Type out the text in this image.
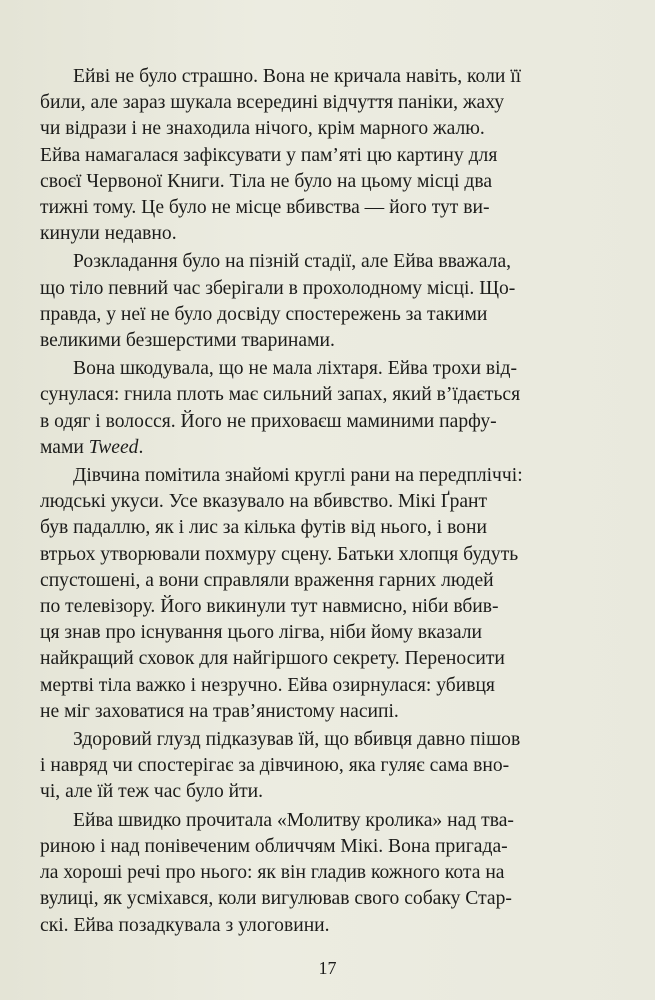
Ейві не було страшно. Вона не кричала навіть, коли її
били, але зараз шукала всередині відчуття паніки, жаху
чи відрази і не знаходила нічого, крім марного жалю.
Ейва намагалася зафіксувати у пам’яті цю картину для
своєї Червоної Книги. Тіла не було на цьому місці два
тижні тому. Це було не місце вбивства — його тут ви-
кинули недавно.
Розкладання було на пізній стадії, але Ейва вважала,
що тіло певний час зберігали в прохолодному місці. Що-
правда, у неї не було досвіду спостережень за такими
великими безшерстими тваринами.
Вона шкодувала, що не мала ліхтаря. Ейва трохи від-
сунулася: гнила плоть має сильний запах, який в’їдається
в одяг і волосся. Його не приховаєш маминими парфу-
мами Tweed.
Дівчина помітила знайомі круглі рани на передпліччі:
людські укуси. Усе вказувало на вбивство. Мікі Ґрант
був падаллю, як і лис за кілька футів від нього, і вони
втрьох утворювали похмуру сцену. Батьки хлопця будуть
спустошені, а вони справляли враження гарних людей
по телевізору. Його викинули тут навмисно, ніби вбив-
ця знав про існування цього лігва, ніби йому вказали
найкращий сховок для найгіршого секрету. Переносити
мертві тіла важко і незручно. Ейва озирнулася: убивця
не міг заховатися на трав’янистому насипі.
Здоровий глузд підказував їй, що вбивця давно пішов
і навряд чи спостерігає за дівчиною, яка гуляє сама вно-
чі, але їй теж час було йти.
Ейва швидко прочитала «Молитву кролика» над тва-
риною і над понівеченим обличчям Мікі. Вона пригада-
ла хороші речі про нього: як він гладив кожного кота на
вулиці, як усміхався, коли вигулював свого собаку Стар-
скі. Ейва позадкувала з улоговини.
17
